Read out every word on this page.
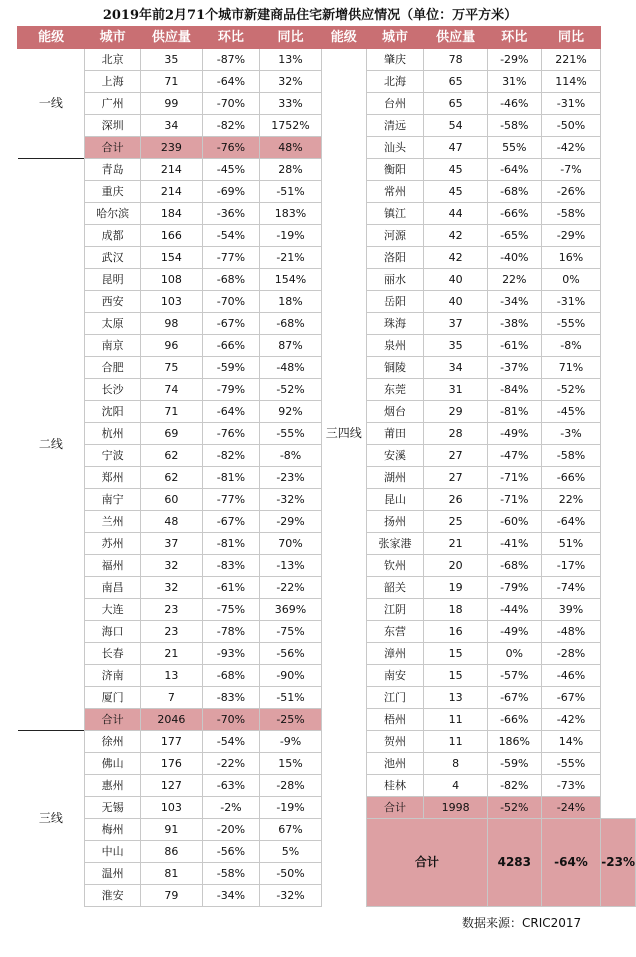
2019年前2月71个城市新建商品住宅新增供应情况（单位：万平方米）
能级	城市	供应量	环比	同比	能级	城市	供应量	环比	同比	
一线	北京	35	-87%	13%	三四线	肇庆	78	-29%	221%	
	上海	71	-64%	32%		北海	65	31%	114%	
	广州	99	-70%	33%		台州	65	-46%	-31%	
	深圳	34	-82%	1752%		清远	54	-58%	-50%	
	合计	239	-76%	48%		汕头	47	55%	-42%	
二线	青岛	214	-45%	28%		衡阳	45	-64%	-7%	
	重庆	214	-69%	-51%		常州	45	-68%	-26%	
	哈尔滨	184	-36%	183%		镇江	44	-66%	-58%	
	成都	166	-54%	-19%		河源	42	-65%	-29%	
	武汉	154	-77%	-21%		洛阳	42	-40%	16%	
	昆明	108	-68%	154%		丽水	40	22%	0%	
	西安	103	-70%	18%		岳阳	40	-34%	-31%	
	太原	98	-67%	-68%		珠海	37	-38%	-55%	
	南京	96	-66%	87%		泉州	35	-61%	-8%	
	合肥	75	-59%	-48%		铜陵	34	-37%	71%	
	长沙	74	-79%	-52%		东莞	31	-84%	-52%	
	沈阳	71	-64%	92%		烟台	29	-81%	-45%	
	杭州	69	-76%	-55%		莆田	28	-49%	-3%	
	宁波	62	-82%	-8%		安溪	27	-47%	-58%	
	郑州	62	-81%	-23%		湖州	27	-71%	-66%	
	南宁	60	-77%	-32%		昆山	26	-71%	22%	
	兰州	48	-67%	-29%		扬州	25	-60%	-64%	
	苏州	37	-81%	70%		张家港	21	-41%	51%	
	福州	32	-83%	-13%		钦州	20	-68%	-17%	
	南昌	32	-61%	-22%		韶关	19	-79%	-74%	
	大连	23	-75%	369%		江阴	18	-44%	39%	
	海口	23	-78%	-75%		东营	16	-49%	-48%	
	长春	21	-93%	-56%		漳州	15	0%	-28%	
	济南	13	-68%	-90%		南安	15	-57%	-46%	
	厦门	7	-83%	-51%		江门	13	-67%	-67%	
	合计	2046	-70%	-25%		梧州	11	-66%	-42%	
三线	徐州	177	-54%	-9%		贺州	11	186%	14%	
	佛山	176	-22%	15%		池州	8	-59%	-55%	
	惠州	127	-63%	-28%		桂林	4	-82%	-73%	
	无锡	103	-2%	-19%		合计	1998	-52%	-24%	
	梅州	91	-20%	67%		合计		4283	-64%	-23%
	中山	86	-56%	5%						
	温州	81	-58%	-50%						
	淮安	79	-34%	-32%						
数据来源：CRIC2017
